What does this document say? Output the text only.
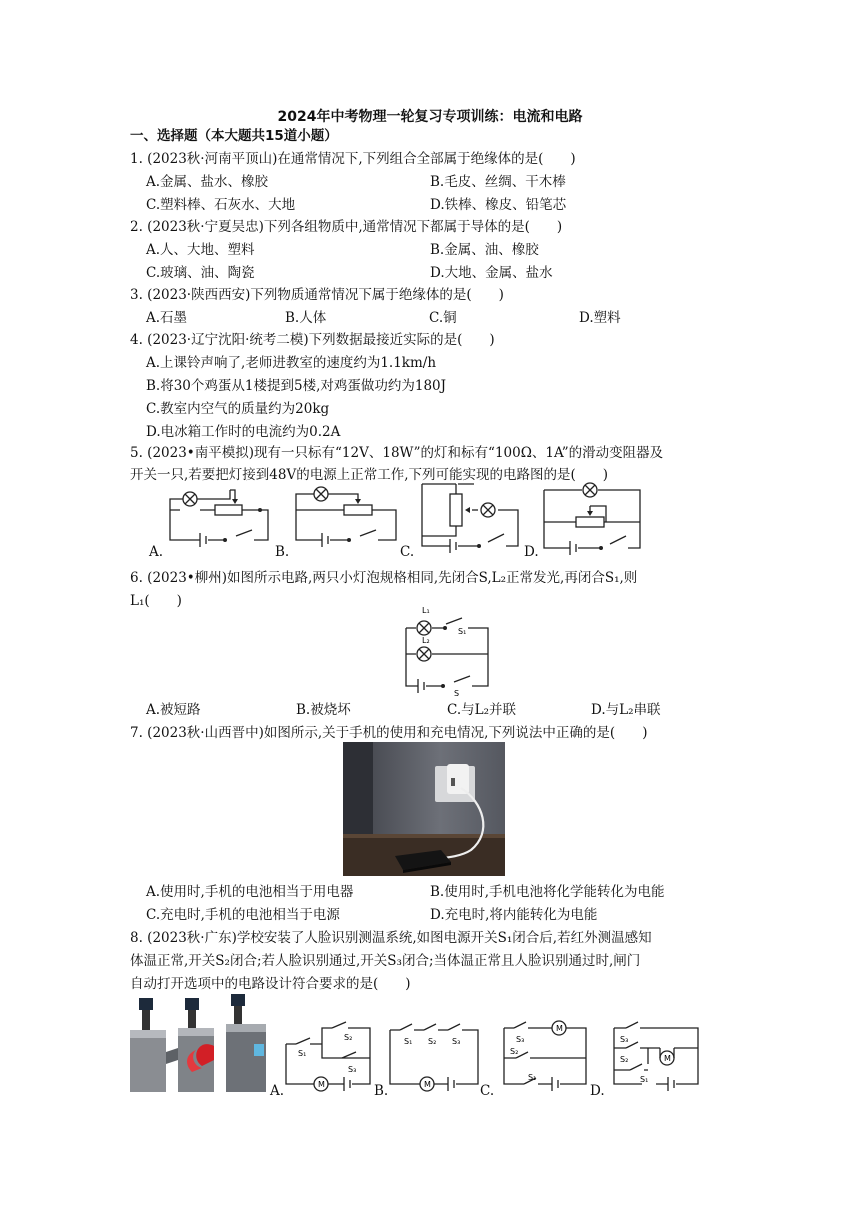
2024年中考物理一轮复习专项训练：电流和电路
一、选择题（本大题共15道小题）
1. (2023秋·河南平顶山)在通常情况下,下列组合全部属于绝缘体的是(　　)
A.金属、盐水、橡胶	B.毛皮、丝绸、干木棒
C.塑料棒、石灰水、大地	D.铁棒、橡皮、铅笔芯
2. (2023秋·宁夏吴忠)下列各组物质中,通常情况下都属于导体的是(　　)
A.人、大地、塑料	B.金属、油、橡胶
C.玻璃、油、陶瓷	D.大地、金属、盐水
3. (2023·陕西西安)下列物质通常情况下属于绝缘体的是(　　)
A.石墨	B.人体	C.铜	D.塑料
4. (2023·辽宁沈阳·统考二模)下列数据最接近实际的是(　　)
A.上课铃声响了,老师进教室的速度约为1.1km/h
B.将30个鸡蛋从1楼提到5楼,对鸡蛋做功约为180J
C.教室内空气的质量约为20kg
D.电冰箱工作时的电流约为0.2A
5. (2023•南平模拟)现有一只标有“12V、18W”的灯和标有“100Ω、1A”的滑动变阻器及
开关一只,若要把灯接到48V的电源上正常工作,下列可能实现的电路图的是(　　)
A.	B.	C.	D.
6. (2023•柳州)如图所示电路,两只小灯泡规格相同,先闭合S,L₂正常发光,再闭合S₁,则
L₁(　　)
L₁
L₂
S₁
S
A.被短路	B.被烧坏	C.与L₂并联	D.与L₂串联
7. (2023秋·山西晋中)如图所示,关于手机的使用和充电情况,下列说法中正确的是(　　)
A.使用时,手机的电池相当于用电器	B.使用时,手机电池将化学能转化为电能
C.充电时,手机的电池相当于电源	D.充电时,将内能转化为电能
8. (2023秋·广东)学校安装了人脸识别测温系统,如图电源开关S₁闭合后,若红外测温感知
体温正常,开关S₂闭合;若人脸识别通过,开关S₃闭合;当体温正常且人脸识别通过时,闸门
自动打开选项中的电路设计符合要求的是(　　)
A.	M
S₁
S₂
S₃
B.	M
S₁ S₂ S₃
C.
M
S₃
S₂
S₁
D.
M
S₃
S₂
S₁
